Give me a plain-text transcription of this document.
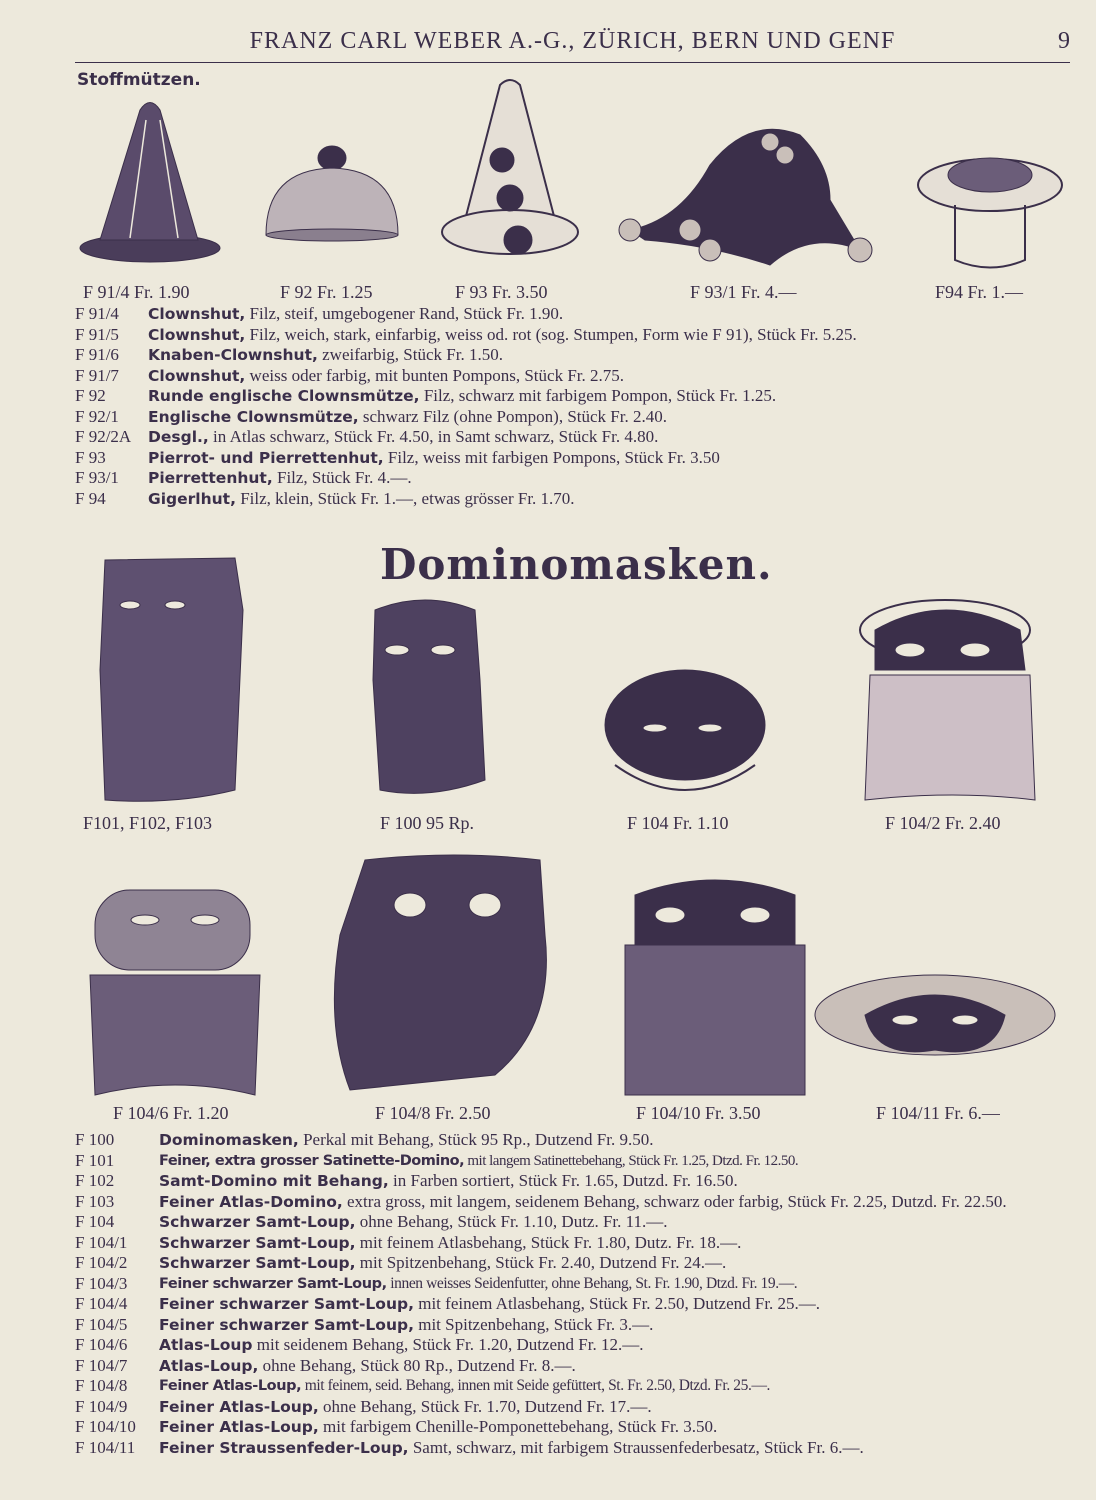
FRANZ CARL WEBER A.-G., ZÜRICH, BERN UND GENF	9
Stoffmützen.
F 91/4 Fr. 1.90	F 92 Fr. 1.25	F 93 Fr. 3.50	F 93/1 Fr. 4.—	F94 Fr. 1.—
F 91/4	Clownshut, Filz, steif, umgebogener Rand, Stück Fr. 1.90.
F 91/5	Clownshut, Filz, weich, stark, einfarbig, weiss od. rot (sog. Stumpen, Form wie F 91), Stück Fr. 5.25.
F 91/6	Knaben-Clownshut, zweifarbig, Stück Fr. 1.50.
F 91/7	Clownshut, weiss oder farbig, mit bunten Pompons, Stück Fr. 2.75.
F 92	Runde englische Clownsmütze, Filz, schwarz mit farbigem Pompon, Stück Fr. 1.25.
F 92/1	Englische Clownsmütze, schwarz Filz (ohne Pompon), Stück Fr. 2.40.
F 92/2A	Desgl., in Atlas schwarz, Stück Fr. 4.50, in Samt schwarz, Stück Fr. 4.80.
F 93	Pierrot- und Pierrettenhut, Filz, weiss mit farbigen Pompons, Stück Fr. 3.50
F 93/1	Pierrettenhut, Filz, Stück Fr. 4.—.
F 94	Gigerlhut, Filz, klein, Stück Fr. 1.—, etwas grösser Fr. 1.70.
Dominomasken.
F101, F102, F103	F 100 95 Rp.	F 104 Fr. 1.10	F 104/2 Fr. 2.40
F 104/6 Fr. 1.20	F 104/8 Fr. 2.50	F 104/10 Fr. 3.50	F 104/11 Fr. 6.—
F 100	Dominomasken, Perkal mit Behang, Stück 95 Rp., Dutzend Fr. 9.50.
F 101	Feiner, extra grosser Satinette-Domino, mit langem Satinettebehang, Stück Fr. 1.25, Dtzd. Fr. 12.50.
F 102	Samt-Domino mit Behang, in Farben sortiert, Stück Fr. 1.65, Dutzd. Fr. 16.50.
F 103	Feiner Atlas-Domino, extra gross, mit langem, seidenem Behang, schwarz oder farbig, Stück Fr. 2.25, Dutzd. Fr. 22.50.
F 104	Schwarzer Samt-Loup, ohne Behang, Stück Fr. 1.10, Dutz. Fr. 11.—.
F 104/1	Schwarzer Samt-Loup, mit feinem Atlasbehang, Stück Fr. 1.80, Dutz. Fr. 18.—.
F 104/2	Schwarzer Samt-Loup, mit Spitzenbehang, Stück Fr. 2.40, Dutzend Fr. 24.—.
F 104/3	Feiner schwarzer Samt-Loup, innen weisses Seidenfutter, ohne Behang, St. Fr. 1.90, Dtzd. Fr. 19.—.
F 104/4	Feiner schwarzer Samt-Loup, mit feinem Atlasbehang, Stück Fr. 2.50, Dutzend Fr. 25.—.
F 104/5	Feiner schwarzer Samt-Loup, mit Spitzenbehang, Stück Fr. 3.—.
F 104/6	Atlas-Loup mit seidenem Behang, Stück Fr. 1.20, Dutzend Fr. 12.—.
F 104/7	Atlas-Loup, ohne Behang, Stück 80 Rp., Dutzend Fr. 8.—.
F 104/8	Feiner Atlas-Loup, mit feinem, seid. Behang, innen mit Seide gefüttert, St. Fr. 2.50, Dtzd. Fr. 25.—.
F 104/9	Feiner Atlas-Loup, ohne Behang, Stück Fr. 1.70, Dutzend Fr. 17.—.
F 104/10	Feiner Atlas-Loup, mit farbigem Chenille-Pomponettebehang, Stück Fr. 3.50.
F 104/11	Feiner Straussenfeder-Loup, Samt, schwarz, mit farbigem Straussenfederbesatz, Stück Fr. 6.—.
